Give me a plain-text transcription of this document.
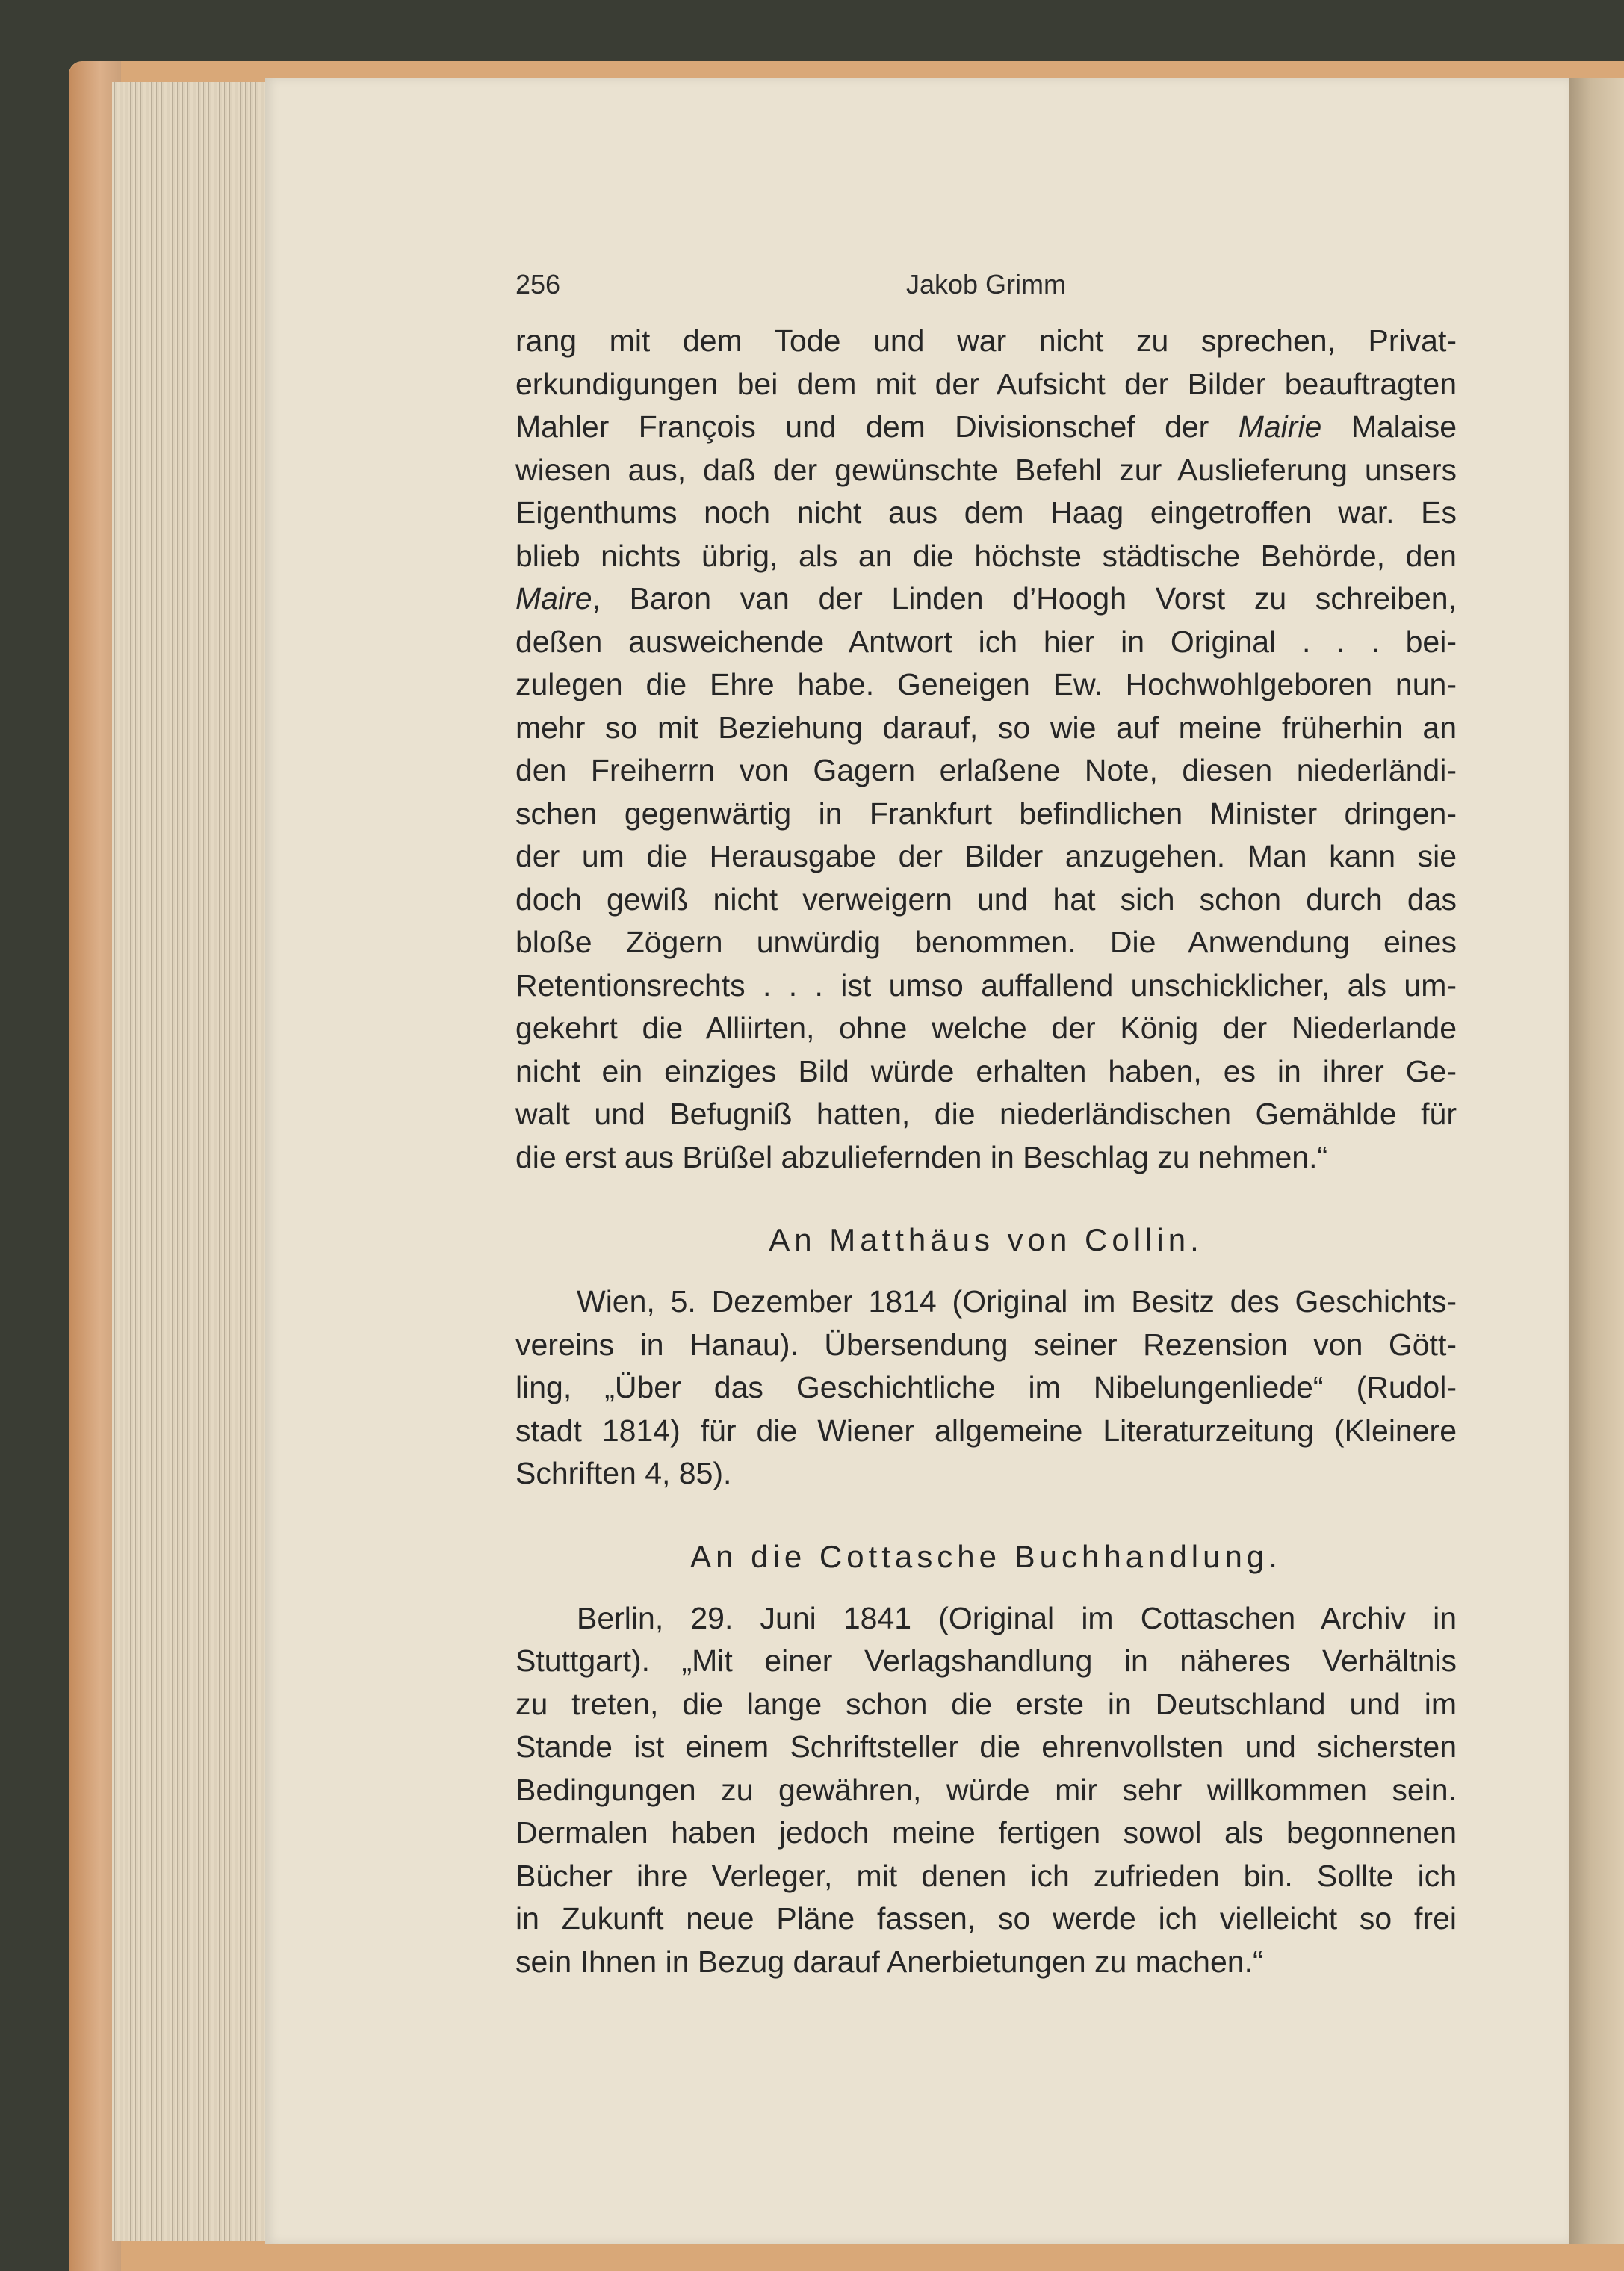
256	Jakob Grimm
rang mit dem Tode und war nicht zu sprechen, Privat-
erkundigungen bei dem mit der Aufsicht der Bilder beauftragten
Mahler François und dem Divisionschef der Mairie Malaise
wiesen aus, daß der gewünschte Befehl zur Auslieferung unsers
Eigenthums noch nicht aus dem Haag eingetroffen war. Es
blieb nichts übrig, als an die höchste städtische Behörde, den
Maire, Baron van der Linden d’Hoogh Vorst zu schreiben,
deßen ausweichende Antwort ich hier in Original . . . bei-
zulegen die Ehre habe. Geneigen Ew. Hochwohlgeboren nun-
mehr so mit Beziehung darauf, so wie auf meine früherhin an
den Freiherrn von Gagern erlaßene Note, diesen niederländi-
schen gegenwärtig in Frankfurt befindlichen Minister dringen-
der um die Herausgabe der Bilder anzugehen. Man kann sie
doch gewiß nicht verweigern und hat sich schon durch das
bloße Zögern unwürdig benommen. Die Anwendung eines
Retentionsrechts . . . ist umso auffallend unschicklicher, als um-
gekehrt die Alliirten, ohne welche der König der Niederlande
nicht ein einziges Bild würde erhalten haben, es in ihrer Ge-
walt und Befugniß hatten, die niederländischen Gemählde für
die erst aus Brüßel abzuliefernden in Beschlag zu nehmen.“
An Matthäus von Collin.
Wien, 5. Dezember 1814 (Original im Besitz des Geschichts-
vereins in Hanau). Übersendung seiner Rezension von Gött-
ling, „Über das Geschichtliche im Nibelungenliede“ (Rudol-
stadt 1814) für die Wiener allgemeine Literaturzeitung (Kleinere
Schriften 4, 85).
An die Cottasche Buchhandlung.
Berlin, 29. Juni 1841 (Original im Cottaschen Archiv in
Stuttgart). „Mit einer Verlagshandlung in näheres Verhältnis
zu treten, die lange schon die erste in Deutschland und im
Stande ist einem Schriftsteller die ehrenvollsten und sichersten
Bedingungen zu gewähren, würde mir sehr willkommen sein.
Dermalen haben jedoch meine fertigen sowol als begonnenen
Bücher ihre Verleger, mit denen ich zufrieden bin. Sollte ich
in Zukunft neue Pläne fassen, so werde ich vielleicht so frei
sein Ihnen in Bezug darauf Anerbietungen zu machen.“
